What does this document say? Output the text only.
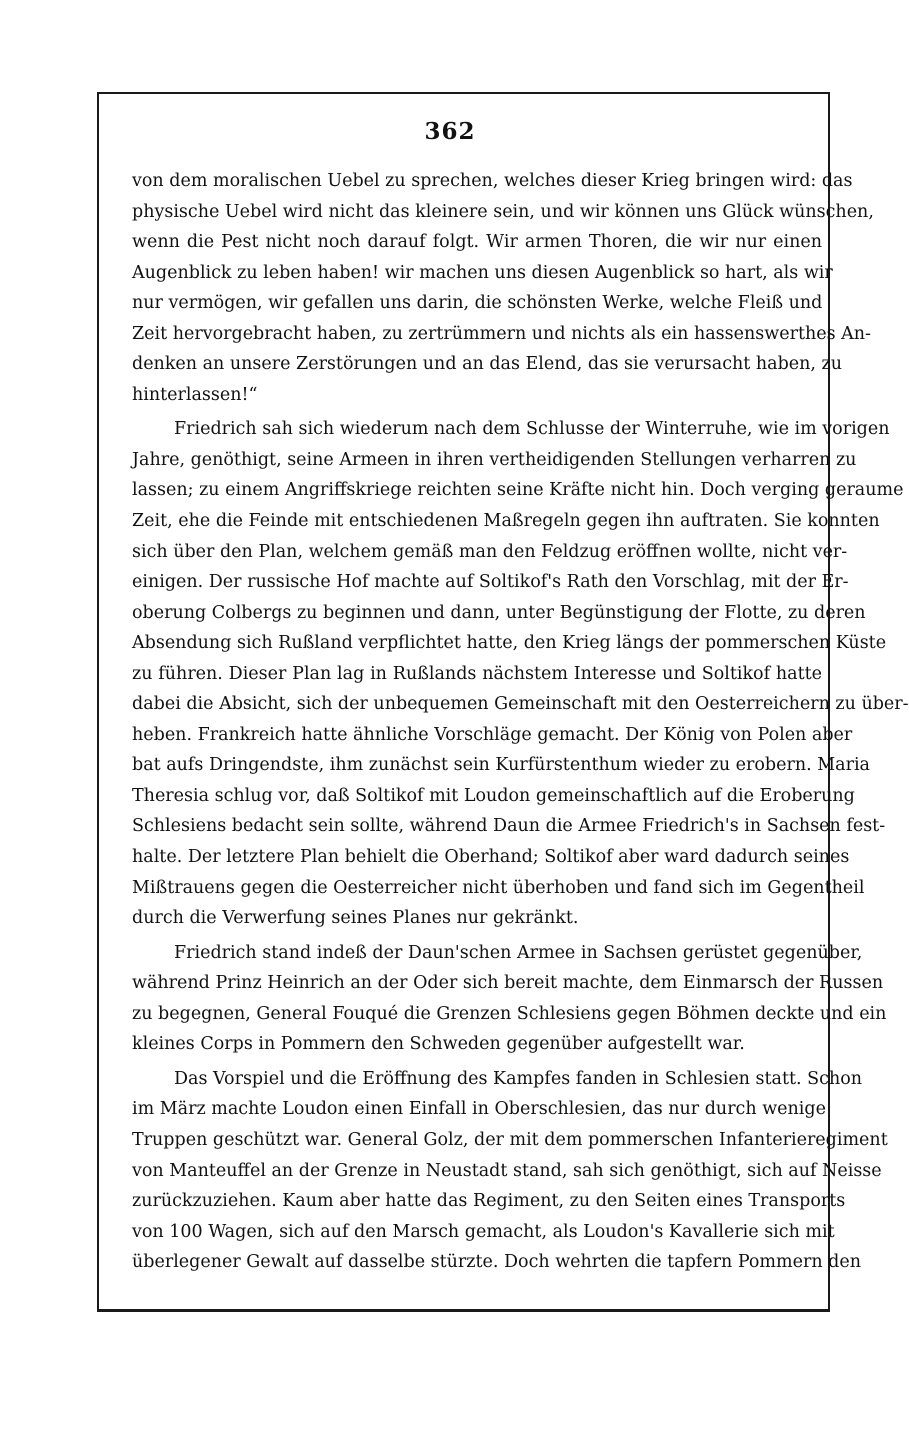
362
von dem moralischen Uebel zu sprechen, welches dieser Krieg bringen wird: das
physische Uebel wird nicht das kleinere sein, und wir können uns Glück wünschen,
wenn die Pest nicht noch darauf folgt. Wir armen Thoren, die wir nur einen
Augenblick zu leben haben! wir machen uns diesen Augenblick so hart, als wir
nur vermögen, wir gefallen uns darin, die schönsten Werke, welche Fleiß und
Zeit hervorgebracht haben, zu zertrümmern und nichts als ein hassenswerthes An-
denken an unsere Zerstörungen und an das Elend, das sie verursacht haben, zu
hinterlassen!“
Friedrich sah sich wiederum nach dem Schlusse der Winterruhe, wie im vorigen
Jahre, genöthigt, seine Armeen in ihren vertheidigenden Stellungen verharren zu
lassen; zu einem Angriffskriege reichten seine Kräfte nicht hin. Doch verging geraume
Zeit, ehe die Feinde mit entschiedenen Maßregeln gegen ihn auftraten. Sie konnten
sich über den Plan, welchem gemäß man den Feldzug eröffnen wollte, nicht ver-
einigen. Der russische Hof machte auf Soltikof's Rath den Vorschlag, mit der Er-
oberung Colbergs zu beginnen und dann, unter Begünstigung der Flotte, zu deren
Absendung sich Rußland verpflichtet hatte, den Krieg längs der pommerschen Küste
zu führen. Dieser Plan lag in Rußlands nächstem Interesse und Soltikof hatte
dabei die Absicht, sich der unbequemen Gemeinschaft mit den Oesterreichern zu über-
heben. Frankreich hatte ähnliche Vorschläge gemacht. Der König von Polen aber
bat aufs Dringendste, ihm zunächst sein Kurfürstenthum wieder zu erobern. Maria
Theresia schlug vor, daß Soltikof mit Loudon gemeinschaftlich auf die Eroberung
Schlesiens bedacht sein sollte, während Daun die Armee Friedrich's in Sachsen fest-
halte. Der letztere Plan behielt die Oberhand; Soltikof aber ward dadurch seines
Mißtrauens gegen die Oesterreicher nicht überhoben und fand sich im Gegentheil
durch die Verwerfung seines Planes nur gekränkt.
Friedrich stand indeß der Daun'schen Armee in Sachsen gerüstet gegenüber,
während Prinz Heinrich an der Oder sich bereit machte, dem Einmarsch der Russen
zu begegnen, General Fouqué die Grenzen Schlesiens gegen Böhmen deckte und ein
kleines Corps in Pommern den Schweden gegenüber aufgestellt war.
Das Vorspiel und die Eröffnung des Kampfes fanden in Schlesien statt. Schon
im März machte Loudon einen Einfall in Oberschlesien, das nur durch wenige
Truppen geschützt war. General Golz, der mit dem pommerschen Infanterieregiment
von Manteuffel an der Grenze in Neustadt stand, sah sich genöthigt, sich auf Neisse
zurückzuziehen. Kaum aber hatte das Regiment, zu den Seiten eines Transports
von 100 Wagen, sich auf den Marsch gemacht, als Loudon's Kavallerie sich mit
überlegener Gewalt auf dasselbe stürzte. Doch wehrten die tapfern Pommern den
